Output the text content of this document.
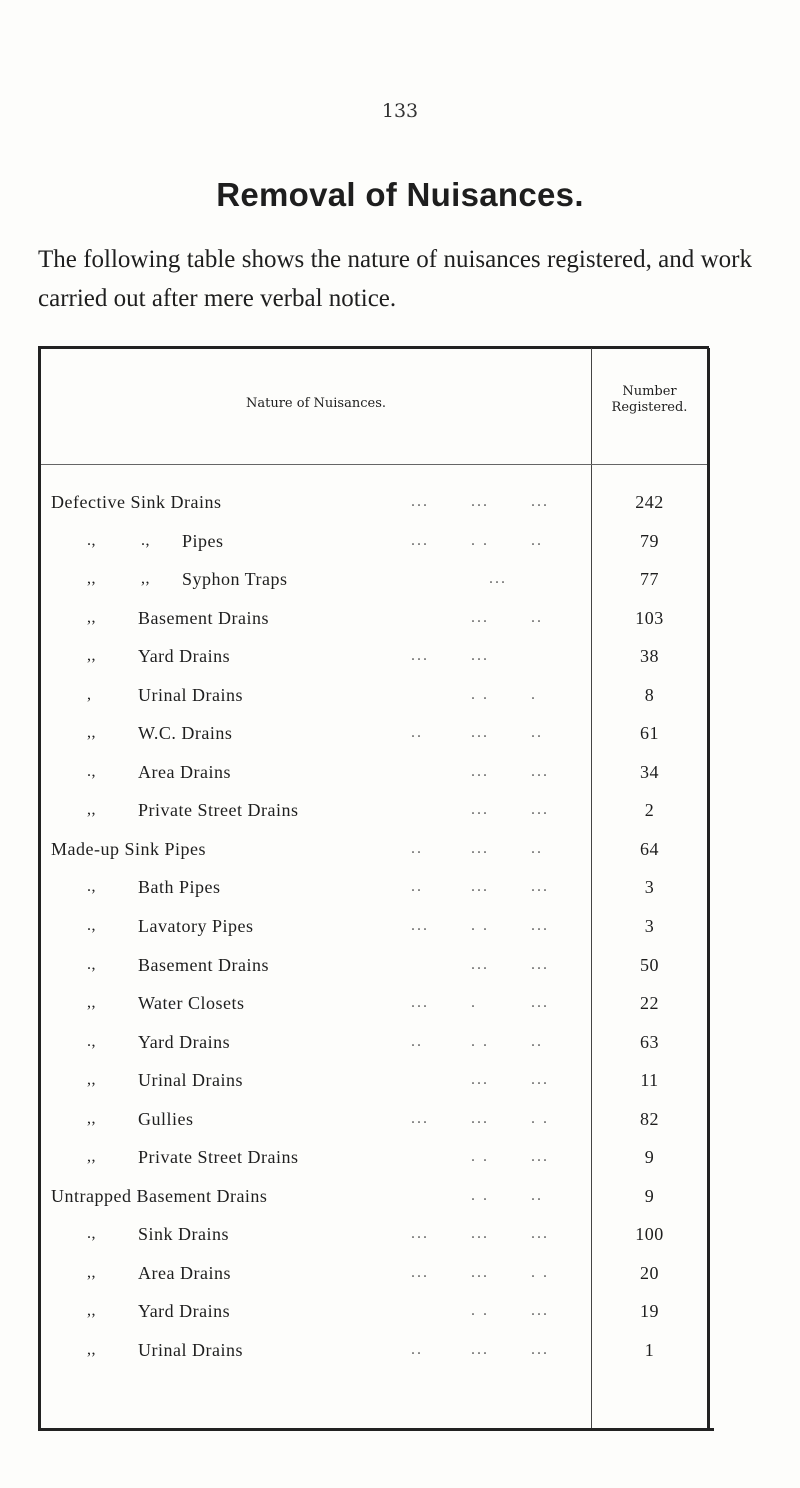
133
Removal of Nuisances.
The following table shows the nature of nuisances registered, and work carried out after mere verbal notice.
Nature of Nuisances.
Number
Registered.
Defective Sink Drains	...       ...       ...	242
.,	., Pipes	...       . .       ..	79
,,	,, Syphon Traps	...	77
,, Basement Drains	...       ..	103
,, Yard Drains	...       ...	38
,	Urinal Drains	. .       .	8
,, W.C. Drains	..        ...       ..	61
., Area Drains	...       ...	34
,, Private Street Drains	...       ...	2
Made-up Sink Pipes	..        ...       ..	64
., Bath Pipes	..        ...       ...	3
., Lavatory Pipes	...       . .       ...	3
., Basement Drains	...       ...	50
,, Water Closets	...       .         ...	22
., Yard Drains	..        . .       ..	63
,, Urinal Drains	...       ...	11
,, Gullies	...       ...       . .	82
,, Private Street Drains	. .       ...	9
Untrapped Basement Drains	. .       ..	9
., Sink Drains	...       ...       ...	100
,, Area Drains	...       ...       . .	20
,, Yard Drains	. .       ...	19
,, Urinal Drains	..        ...       ...	1
